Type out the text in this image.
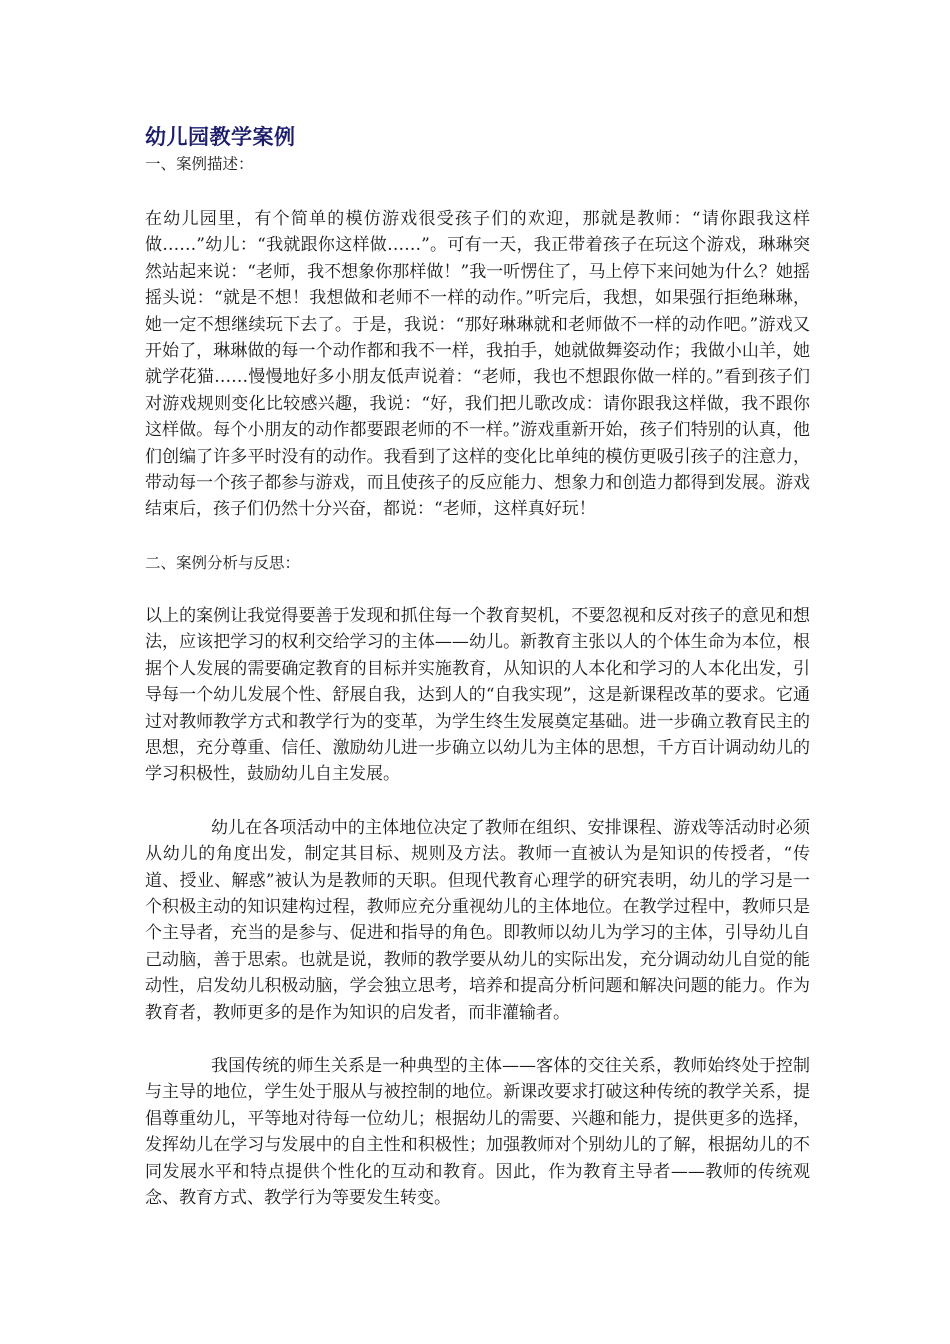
幼儿园教学案例

一、案例描述：

在幼儿园里，有个简单的模仿游戏很受孩子们的欢迎，那就是教师：“请你跟我这样做……”幼儿：“我就跟你这样做……”。可有一天，我正带着孩子在玩这个游戏，琳琳突然站起来说：“老师，我不想象你那样做！”我一听愣住了，马上停下来问她为什么？她摇摇头说：“就是不想！我想做和老师不一样的动作。”听完后，我想，如果强行拒绝琳琳，她一定不想继续玩下去了。于是，我说：“那好琳琳就和老师做不一样的动作吧。”游戏又开始了，琳琳做的每一个动作都和我不一样，我拍手，她就做舞姿动作；我做小山羊，她就学花猫……慢慢地好多小朋友低声说着：“老师，我也不想跟你做一样的。”看到孩子们对游戏规则变化比较感兴趣，我说：“好，我们把儿歌改成：请你跟我这样做，我不跟你这样做。每个小朋友的动作都要跟老师的不一样。”游戏重新开始，孩子们特别的认真，他们创编了许多平时没有的动作。我看到了这样的变化比单纯的模仿更吸引孩子的注意力，带动每一个孩子都参与游戏，而且使孩子的反应能力、想象力和创造力都得到发展。游戏结束后，孩子们仍然十分兴奋，都说：“老师，这样真好玩！

二、案例分析与反思：

以上的案例让我觉得要善于发现和抓住每一个教育契机，不要忽视和反对孩子的意见和想法，应该把学习的权利交给学习的主体——幼儿。新教育主张以人的个体生命为本位，根据个人发展的需要确定教育的目标并实施教育，从知识的人本化和学习的人本化出发，引导每一个幼儿发展个性、舒展自我，达到人的“自我实现”，这是新课程改革的要求。它通过对教师教学方式和教学行为的变革，为学生终生发展奠定基础。进一步确立教育民主的思想，充分尊重、信任、激励幼儿进一步确立以幼儿为主体的思想，千方百计调动幼儿的学习积极性，鼓励幼儿自主发展。

幼儿在各项活动中的主体地位决定了教师在组织、安排课程、游戏等活动时必须从幼儿的角度出发，制定其目标、规则及方法。教师一直被认为是知识的传授者，“传道、授业、解惑”被认为是教师的天职。但现代教育心理学的研究表明，幼儿的学习是一个积极主动的知识建构过程，教师应充分重视幼儿的主体地位。在教学过程中，教师只是个主导者，充当的是参与、促进和指导的角色。即教师以幼儿为学习的主体，引导幼儿自己动脑，善于思索。也就是说，教师的教学要从幼儿的实际出发，充分调动幼儿自觉的能动性，启发幼儿积极动脑，学会独立思考，培养和提高分析问题和解决问题的能力。作为教育者，教师更多的是作为知识的启发者，而非灌输者。

我国传统的师生关系是一种典型的主体——客体的交往关系，教师始终处于控制与主导的地位，学生处于服从与被控制的地位。新课改要求打破这种传统的教学关系，提倡尊重幼儿，平等地对待每一位幼儿；根据幼儿的需要、兴趣和能力，提供更多的选择，发挥幼儿在学习与发展中的自主性和积极性；加强教师对个别幼儿的了解，根据幼儿的不同发展水平和特点提供个性化的互动和教育。因此，作为教育主导者——教师的传统观念、教育方式、教学行为等要发生转变。
